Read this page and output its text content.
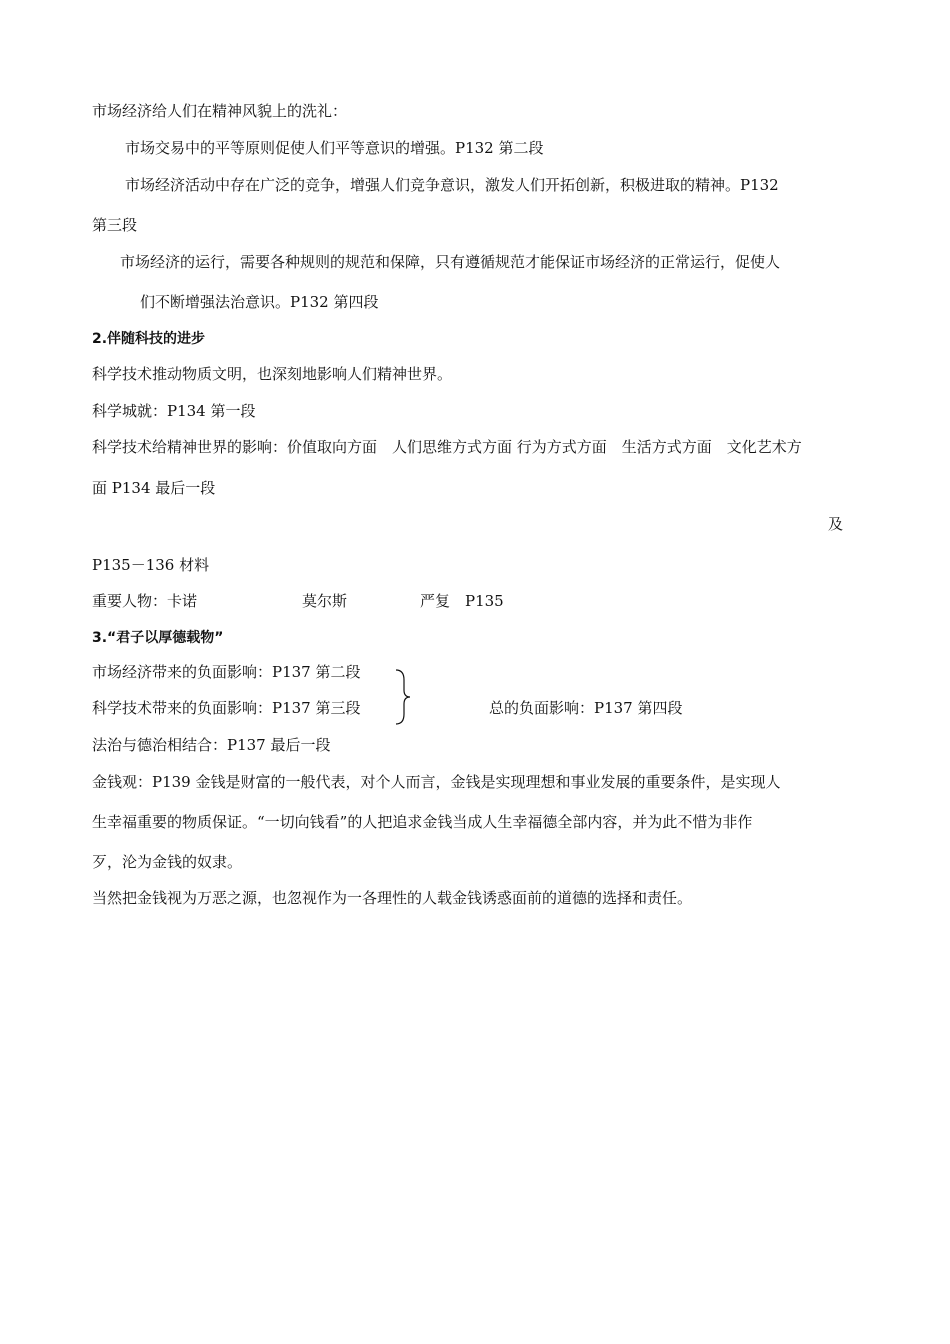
市场经济给人们在精神风貌上的洗礼：
市场交易中的平等原则促使人们平等意识的增强。P132 第二段
市场经济活动中存在广泛的竞争，增强人们竞争意识，激发人们开拓创新，积极进取的精神。P132
第三段
市场经济的运行，需要各种规则的规范和保障，只有遵循规范才能保证市场经济的正常运行，促使人
们不断增强法治意识。P132 第四段
2.伴随科技的进步
科学技术推动物质文明，也深刻地影响人们精神世界。
科学城就：P134 第一段
科学技术给精神世界的影响：价值取向方面　人们思维方式方面 行为方式方面　生活方式方面　文化艺术方
面 P134 最后一段
及
P135－136 材料
重要人物：卡诺	莫尔斯	严复　P135
3.“君子以厚德载物”
市场经济带来的负面影响：P137 第二段
科学技术带来的负面影响：P137 第三段	总的负面影响：P137 第四段
法治与德治相结合：P137 最后一段
金钱观：P139 金钱是财富的一般代表，对个人而言，金钱是实现理想和事业发展的重要条件，是实现人
生幸福重要的物质保证。“一切向钱看”的人把追求金钱当成人生幸福德全部内容，并为此不惜为非作
歹，沦为金钱的奴隶。
当然把金钱视为万恶之源，也忽视作为一各理性的人载金钱诱惑面前的道德的选择和责任。
